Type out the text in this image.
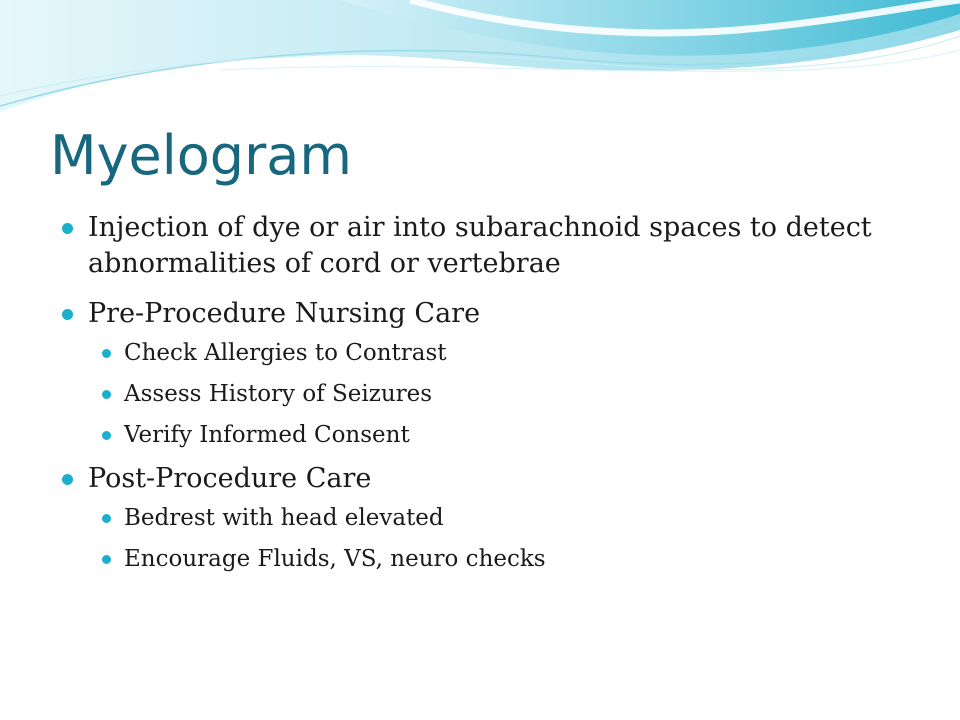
Myelogram
Injection of dye or air into subarachnoid spaces to detect abnormalities of cord or vertebrae
Pre-Procedure Nursing Care
Check Allergies to Contrast
Assess History of Seizures
Verify Informed Consent
Post-Procedure Care
Bedrest with head elevated
Encourage Fluids, VS, neuro checks
